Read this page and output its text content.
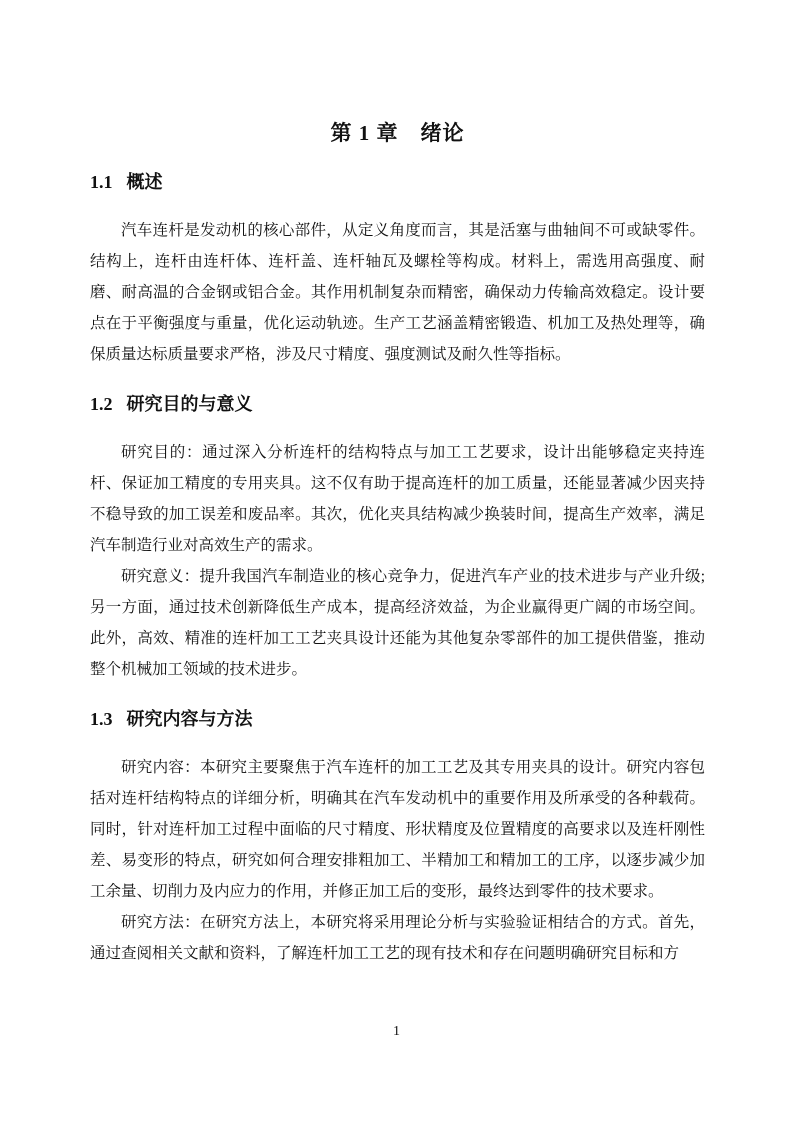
第 1 章　绪论
1.1 概述

汽车连杆是发动机的核心部件，从定义角度而言，其是活塞与曲轴间不可或缺零件。结构上，连杆由连杆体、连杆盖、连杆轴瓦及螺栓等构成。材料上，需选用高强度、耐磨、耐高温的合金钢或铝合金。其作用机制复杂而精密，确保动力传输高效稳定。设计要点在于平衡强度与重量，优化运动轨迹。生产工艺涵盖精密锻造、机加工及热处理等，确保质量达标质量要求严格，涉及尺寸精度、强度测试及耐久性等指标。

1.2 研究目的与意义

研究目的：通过深入分析连杆的结构特点与加工工艺要求，设计出能够稳定夹持连杆、保证加工精度的专用夹具。这不仅有助于提高连杆的加工质量，还能显著减少因夹持不稳导致的加工误差和废品率。其次，优化夹具结构减少换装时间，提高生产效率，满足汽车制造行业对高效生产的需求。

研究意义：提升我国汽车制造业的核心竞争力，促进汽车产业的技术进步与产业升级;另一方面，通过技术创新降低生产成本，提高经济效益，为企业赢得更广阔的市场空间。此外，高效、精准的连杆加工工艺夹具设计还能为其他复杂零部件的加工提供借鉴，推动整个机械加工领域的技术进步。

1.3 研究内容与方法

研究内容：本研究主要聚焦于汽车连杆的加工工艺及其专用夹具的设计。研究内容包括对连杆结构特点的详细分析，明确其在汽车发动机中的重要作用及所承受的各种载荷。同时，针对连杆加工过程中面临的尺寸精度、形状精度及位置精度的高要求以及连杆刚性差、易变形的特点，研究如何合理安排粗加工、半精加工和精加工的工序，以逐步减少加工余量、切削力及内应力的作用，并修正加工后的变形，最终达到零件的技术要求。

研究方法：在研究方法上，本研究将采用理论分析与实验验证相结合的方式。首先，通过查阅相关文献和资料，了解连杆加工工艺的现有技术和存在问题明确研究目标和方

1
